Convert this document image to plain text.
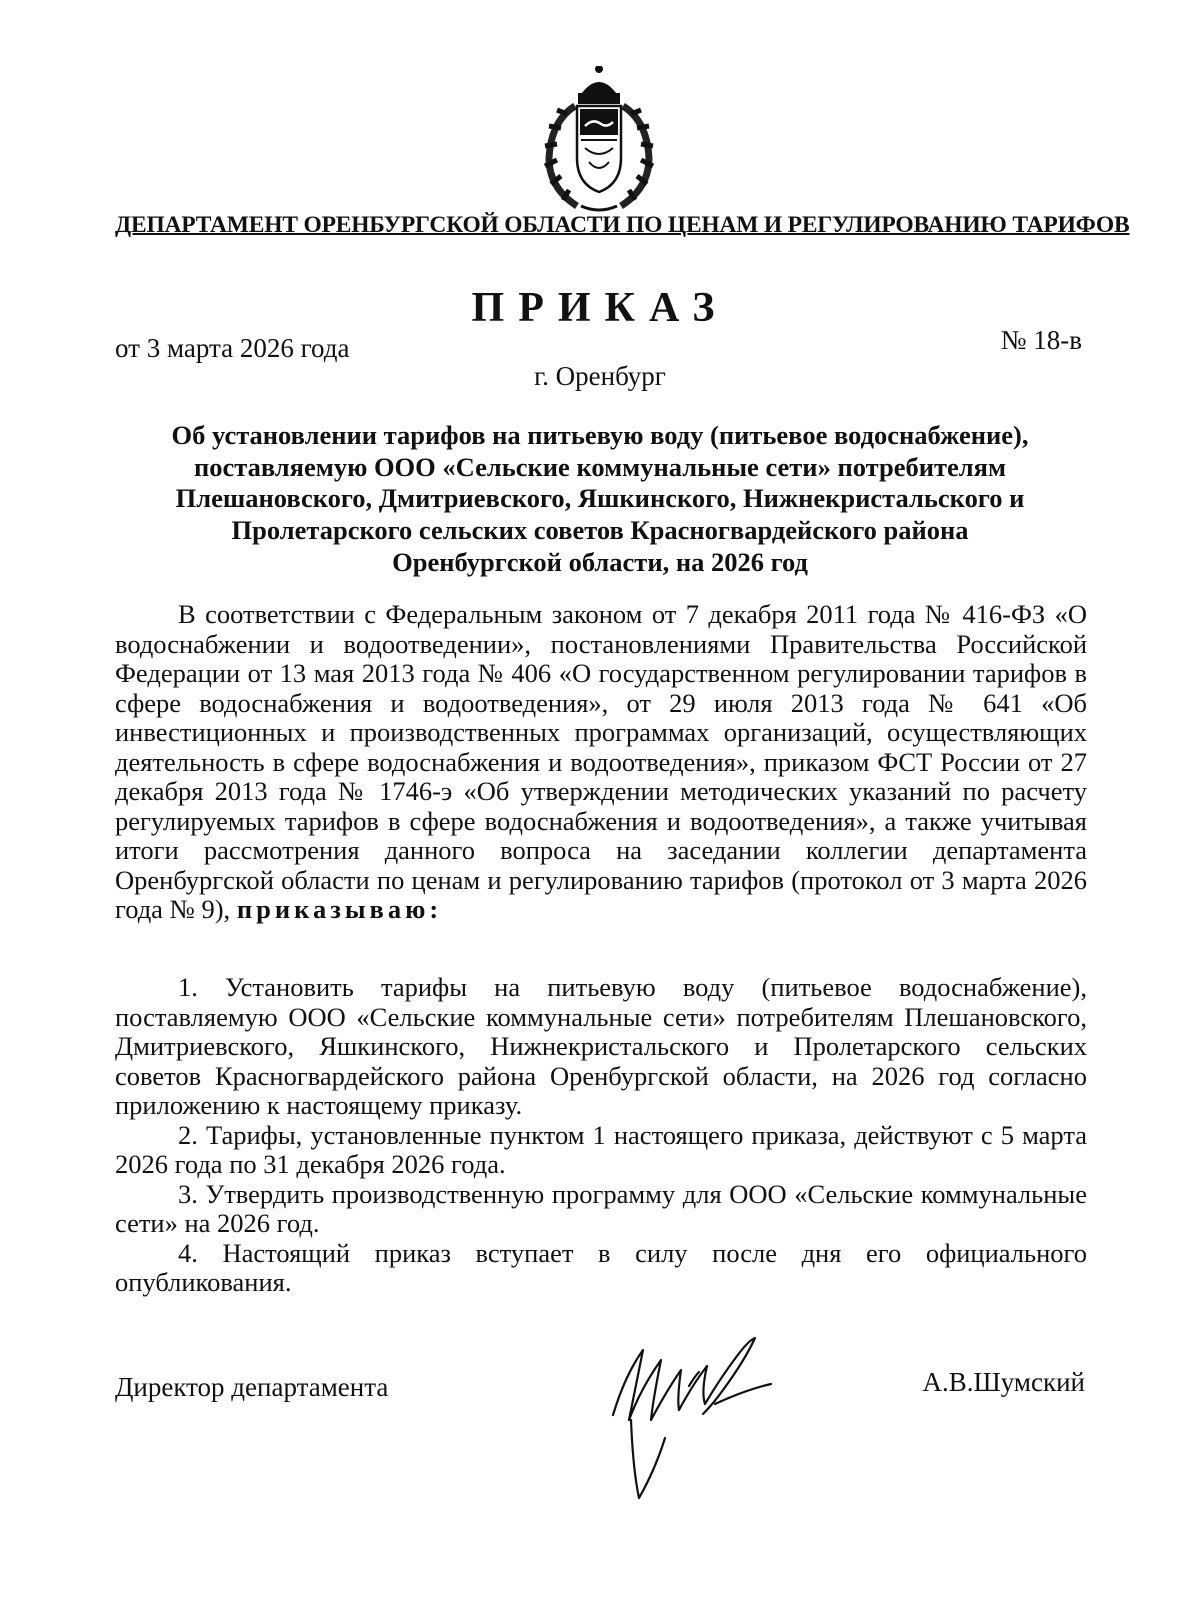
ДЕПАРТАМЕНТ ОРЕНБУРГСКОЙ ОБЛАСТИ ПО ЦЕНАМ И РЕГУЛИРОВАНИЮ ТАРИФОВ
ПРИКАЗ
от 3 марта 2026 года	№ 18-в
г. Оренбург
Об установлении тарифов на питьевую воду (питьевое водоснабжение),
поставляемую ООО «Сельские коммунальные сети» потребителям
Плешановского, Дмитриевского, Яшкинского, Нижнекристальского и
Пролетарского сельских советов Красногвардейского района
Оренбургской области, на 2026 год

В соответствии с Федеральным законом от 7 декабря 2011 года № 416-ФЗ «О водоснабжении и водоотведении», постановлениями Правительства Российской Федерации от 13 мая 2013 года № 406 «О государственном регулировании тарифов в сфере водоснабжения и водоотведения», от 29 июля 2013 года № 641 «Об инвестиционных и производственных программах организаций, осуществляющих деятельность в сфере водоснабжения и водоотведения», приказом ФСТ России от 27 декабря 2013 года № 1746-э «Об утверждении методических указаний по расчету регулируемых тарифов в сфере водоснабжения и водоотведения», а также учитывая итоги рассмотрения данного вопроса на заседании коллегии департамента Оренбургской области по ценам и регулированию тарифов (протокол от 3 марта 2026 года № 9), приказываю:

1. Установить тарифы на питьевую воду (питьевое водоснабжение), поставляемую ООО «Сельские коммунальные сети» потребителям Плешановского, Дмитриевского, Яшкинского, Нижнекристальского и Пролетарского сельских советов Красногвардейского района Оренбургской области, на 2026 год согласно приложению к настоящему приказу.

2. Тарифы, установленные пунктом 1 настоящего приказа, действуют с 5 марта 2026 года по 31 декабря 2026 года.

3. Утвердить производственную программу для ООО «Сельские коммунальные сети» на 2026 год.

4. Настоящий приказ вступает в силу после дня его официального опубликования.

Директор департамента	А.В.Шумский
